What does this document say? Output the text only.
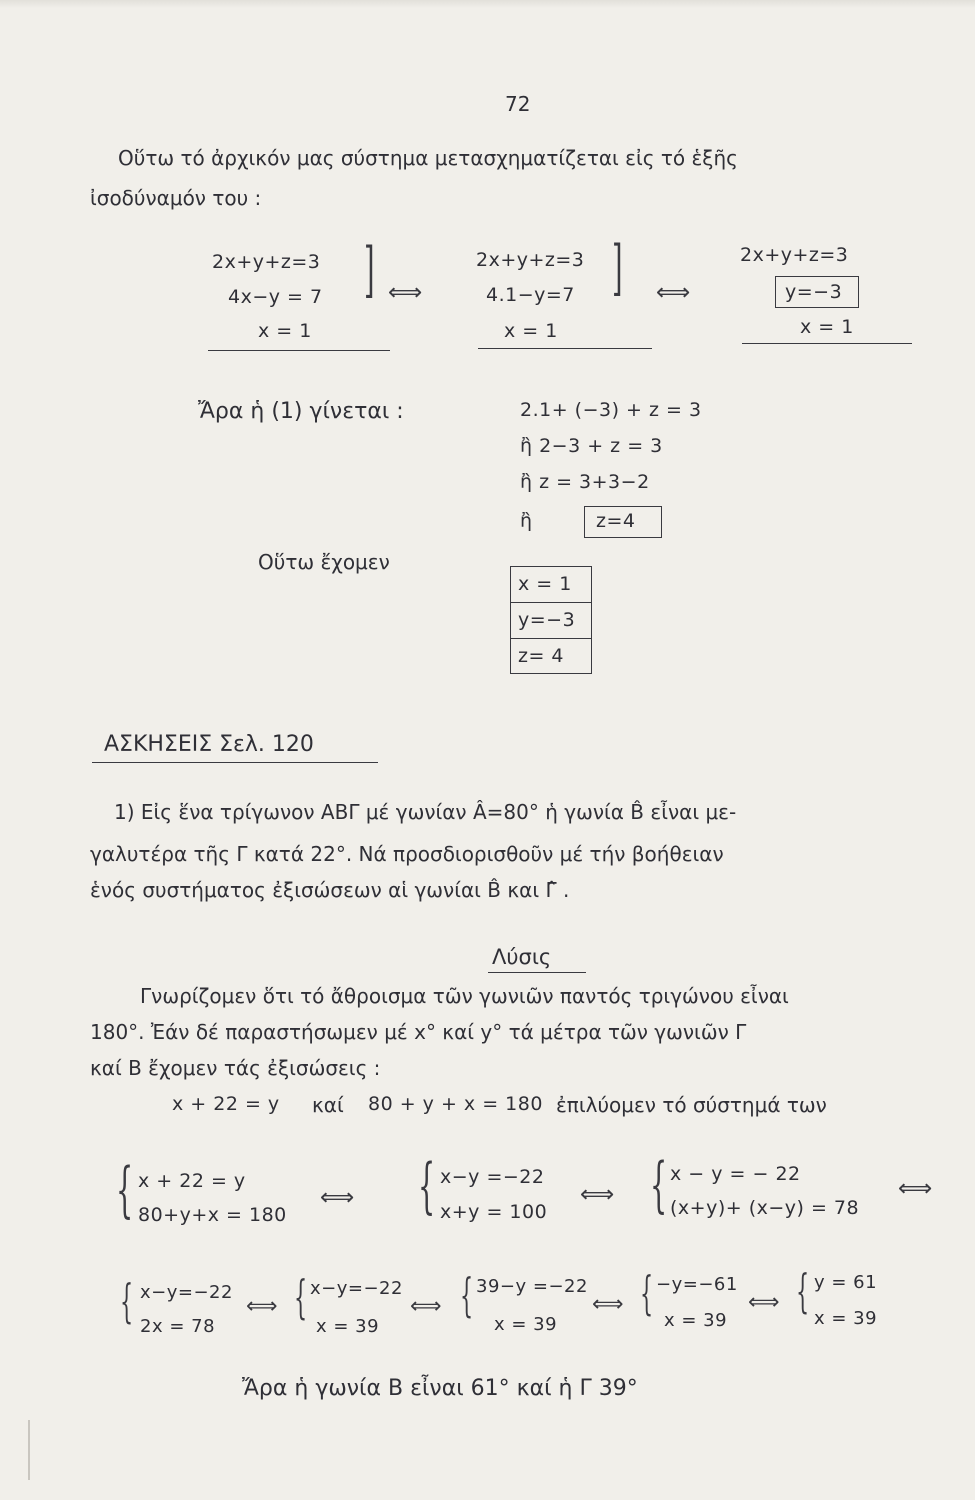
72
Οὕτω τό ἀρχικόν μας σύστημα μετασχηματίζεται εἰς τό ἑξῆς
ἰσοδύναμόν του :
2x+y+z=3
4x−y = 7
x = 1
] ⟺
2x+y+z=3
4.1−y=7
x = 1
] ⟺
2x+y+z=3
y=−3
x = 1
Ἄρα ἡ (1) γίνεται :	2.1+ (−3) + z = 3
ἢ 2−3 + z = 3
ἢ z = 3+3−2
ἢ	z=4
Οὕτω ἔχομεν
x = 1
y=−3
z= 4
ΑΣΚΗΣΕΙΣ Σελ. 120
1) Εἰς ἕνα τρίγωνον ΑΒΓ μέ γωνίαν Â=80° ἡ γωνία B̂ εἶναι με-
γαλυτέρα τῆς Γ κατά 22°. Νά προσδιορισθοῦν μέ τήν βοήθειαν
ἑνός συστήματος ἐξισώσεων αἱ γωνίαι B̂ και Γ̂ .
Λύσις
Γνωρίζομεν ὅτι τό ἄθροισμα τῶν γωνιῶν παντός τριγώνου εἶναι
180°. Ἐάν δέ παραστήσωμεν μέ x° καί y° τά μέτρα τῶν γωνιῶν Γ
καί B ἔχομεν τάς ἐξισώσεις :
x + 22 = y καί 80 + y + x = 180 ἐπιλύομεν τό σύστημά των
{ x + 22 = y
80+y+x = 180
⟺ { x−y =−22
x+y = 100
⟺ { x − y = − 22
(x+y)+ (x−y) = 78
⟺
{ x−y=−22
2x = 78
⟺ { x−y=−22
x = 39
⟺ { 39−y =−22
x = 39
⟺ { −y=−61
x = 39
⟺ { y = 61
x = 39
Ἄρα ἡ γωνία B εἶναι 61° καί ἡ Γ 39°
